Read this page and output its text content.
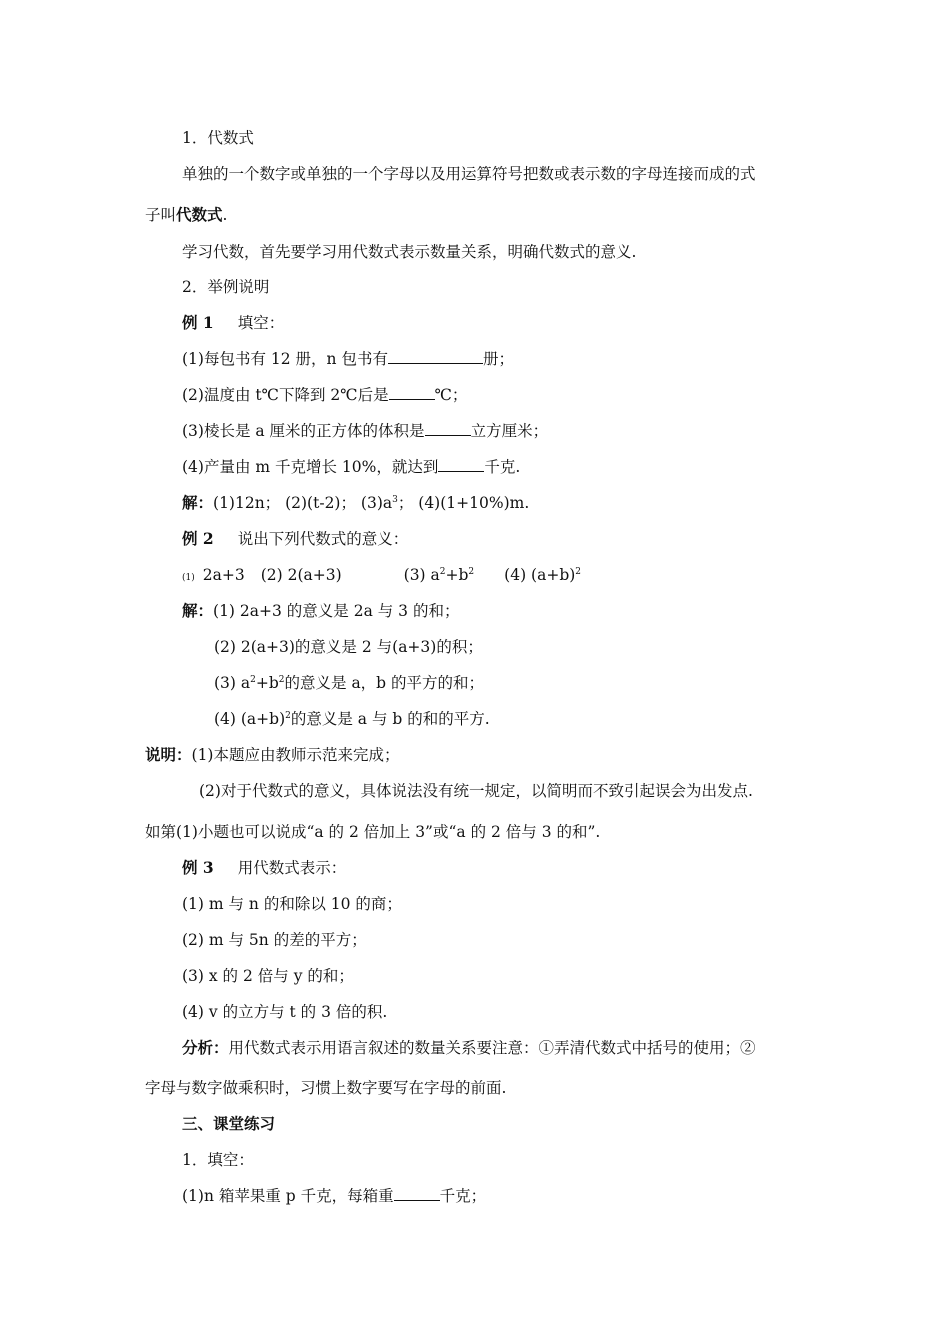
1．代数式
单独的一个数字或单独的一个字母以及用运算符号把数或表示数的字母连接而成的式
子叫代数式.
学习代数，首先要学习用代数式表示数量关系，明确代数式的意义.
2．举例说明
例 1 填空：
(1)每包书有 12 册，n 包书有	册；
(2)温度由 t℃下降到 2℃后是	℃；
(3)棱长是 a 厘米的正方体的体积是	立方厘米；
(4)产量由 m 千克增长 10%，就达到	千克.
解：(1)12n； (2)(t-2)； $(3)a^3$； (4)(1+10%)m.
例 2 说出下列代数式的意义：
(1) 2a+3 (2) 2(a+3)	(3) $a^2+b^2$ (4) $(a+b)^2$
解：(1) 2a+3 的意义是 2a 与 3 的和；
(2) 2(a+3)的意义是 2 与(a+3)的积；
(3) $a^2+b^2$的意义是 a，b 的平方的和；
(4) $(a+b)^2$的意义是 a 与 b 的和的平方.
说明：(1)本题应由教师示范来完成；
(2)对于代数式的意义，具体说法没有统一规定，以简明而不致引起误会为出发点.
如第(1)小题也可以说成“a 的 2 倍加上 3”或“a 的 2 倍与 3 的和”.
例 3 用代数式表示：
(1) m 与 n 的和除以 10 的商；
(2) m 与 5n 的差的平方；
(3) x 的 2 倍与 y 的和；
(4) v 的立方与 t 的 3 倍的积.
分析：用代数式表示用语言叙述的数量关系要注意：①弄清代数式中括号的使用；②
字母与数字做乘积时，习惯上数字要写在字母的前面.
三、课堂练习
1．填空：
(1)n 箱苹果重 p 千克，每箱重	千克；
